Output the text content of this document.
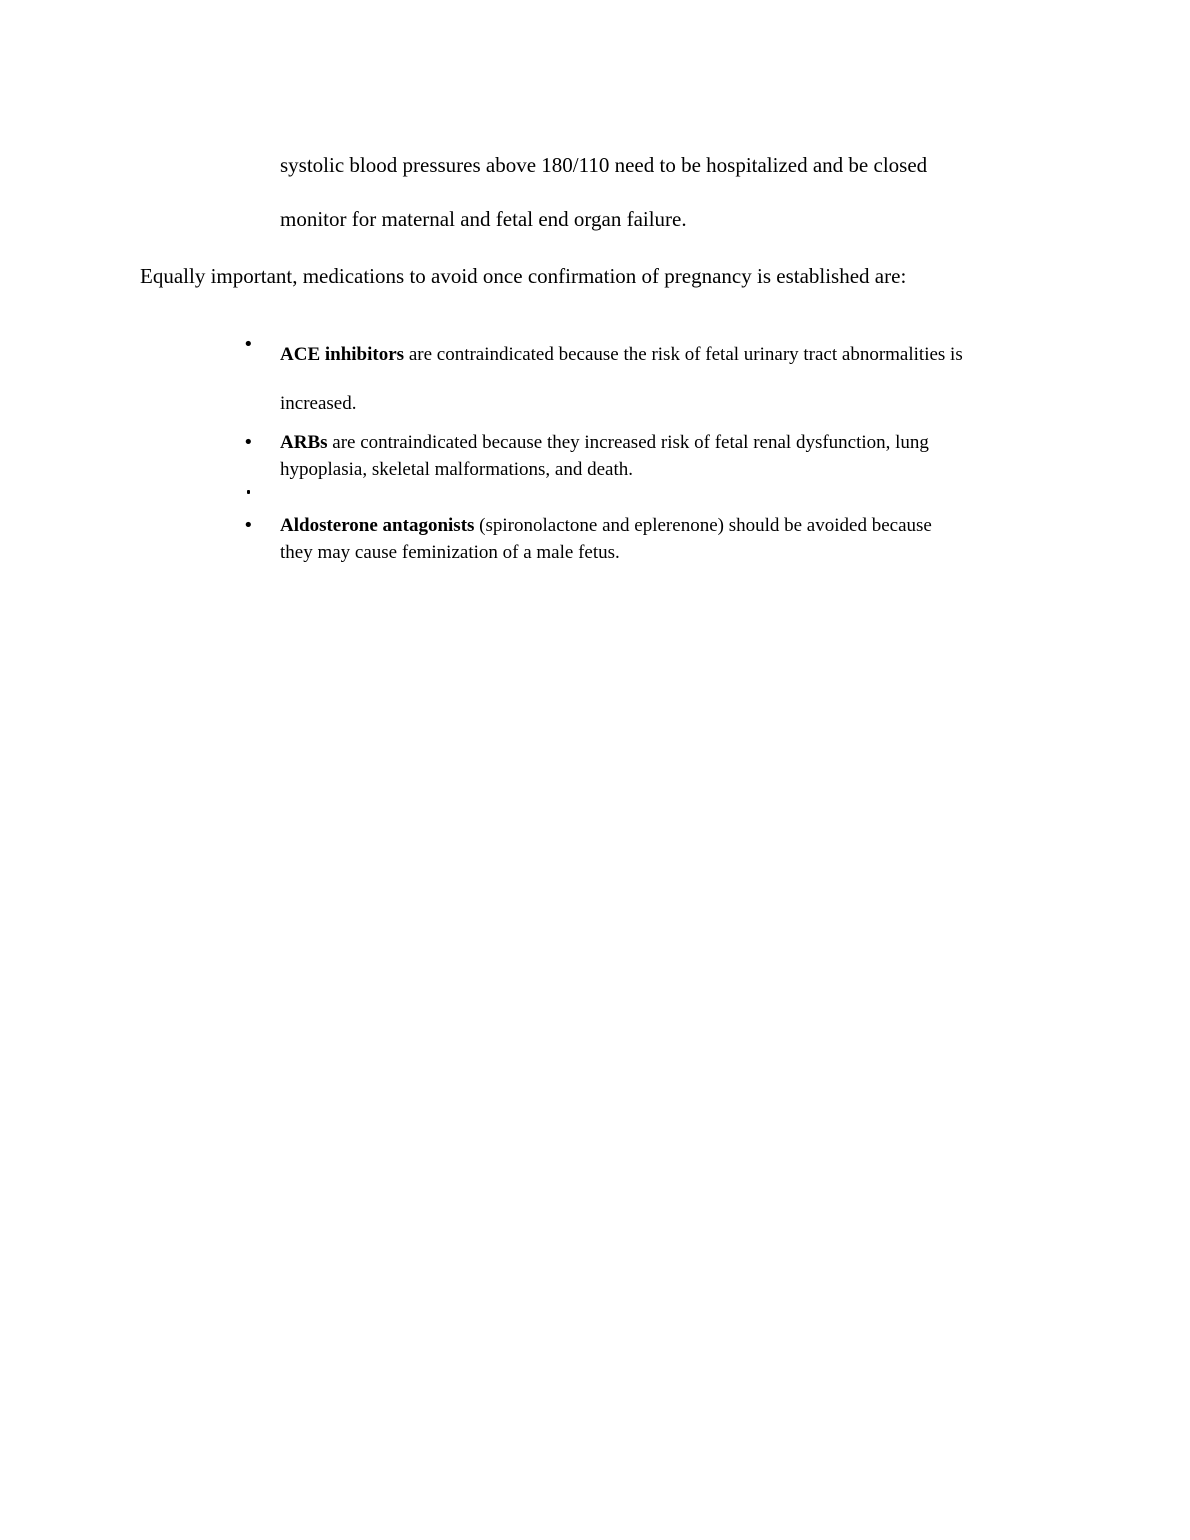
systolic blood pressures above 180/110 need to be hospitalized and be closed
monitor for maternal and fetal end organ failure.

Equally important, medications to avoid once confirmation of pregnancy is established are:

• ACE inhibitors are contraindicated because the risk of fetal urinary tract abnormalities is
increased.
• ARBs are contraindicated because they increased risk of fetal renal dysfunction, lung
hypoplasia, skeletal malformations, and death.
• Aldosterone antagonists (spironolactone and eplerenone) should be avoided because
they may cause feminization of a male fetus.
